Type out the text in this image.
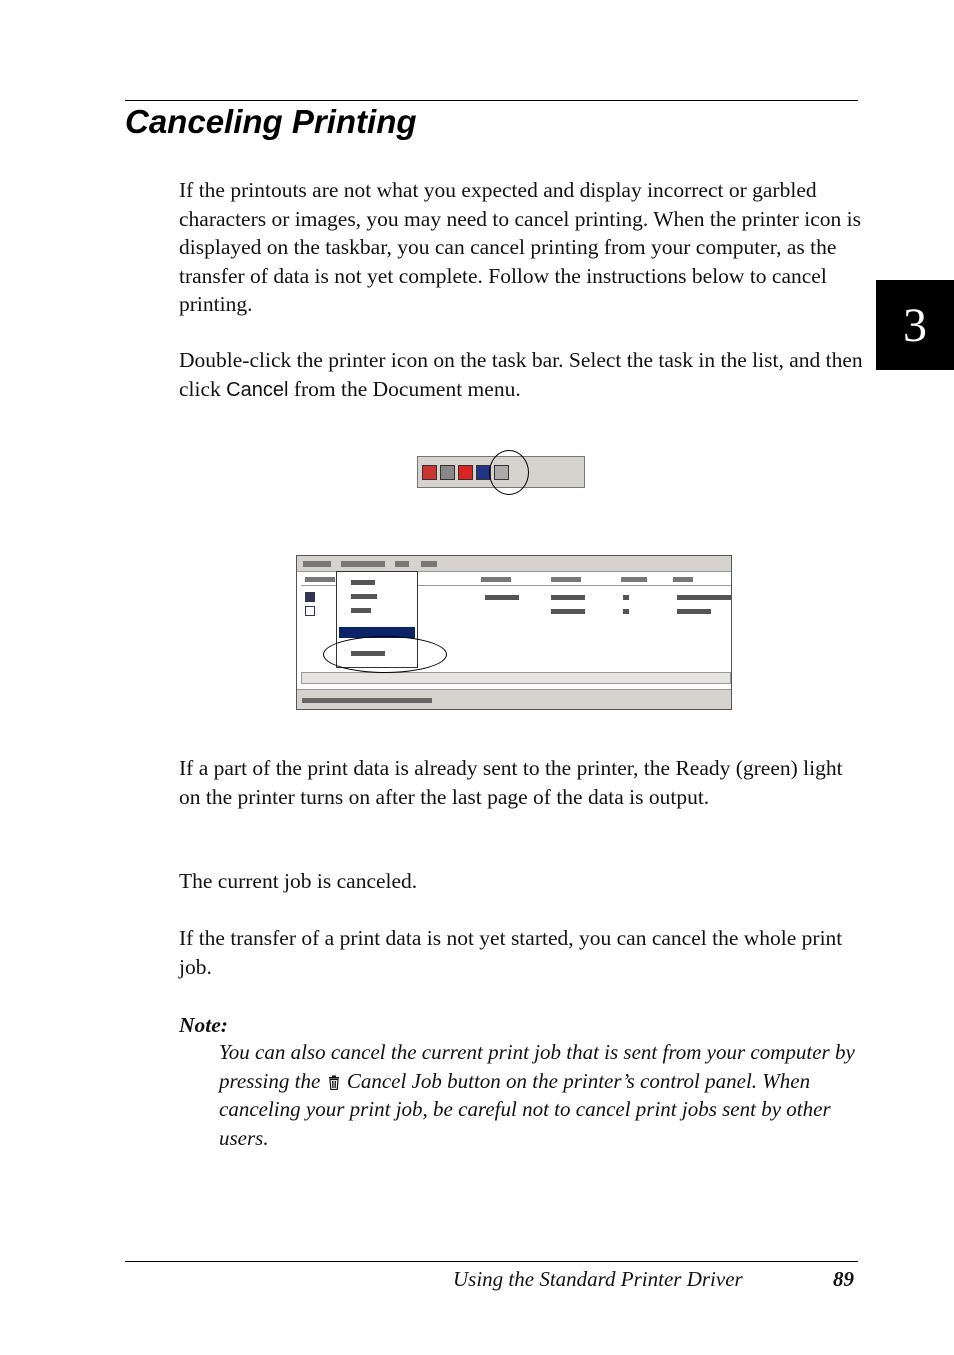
Canceling Printing
3

If the printouts are not what you expected and display incorrect or garbled characters or images, you may need to cancel printing. When the printer icon is displayed on the taskbar, you can cancel printing from your computer, as the transfer of data is not yet complete. Follow the instructions below to cancel printing.

Double-click the printer icon on the task bar. Select the task in the list, and then click Cancel from the Document menu.

If a part of the print data is already sent to the printer, the Ready (green) light on the printer turns on after the last page of the data is output.

The current job is canceled.

If the transfer of a print data is not yet started, you can cancel the whole print job.

Note:

You can also cancel the current print job that is sent from your computer by pressing the  Cancel Job button on the printer’s control panel. When canceling your print job, be careful not to cancel print jobs sent by other users.

Using the Standard Printer Driver	89
